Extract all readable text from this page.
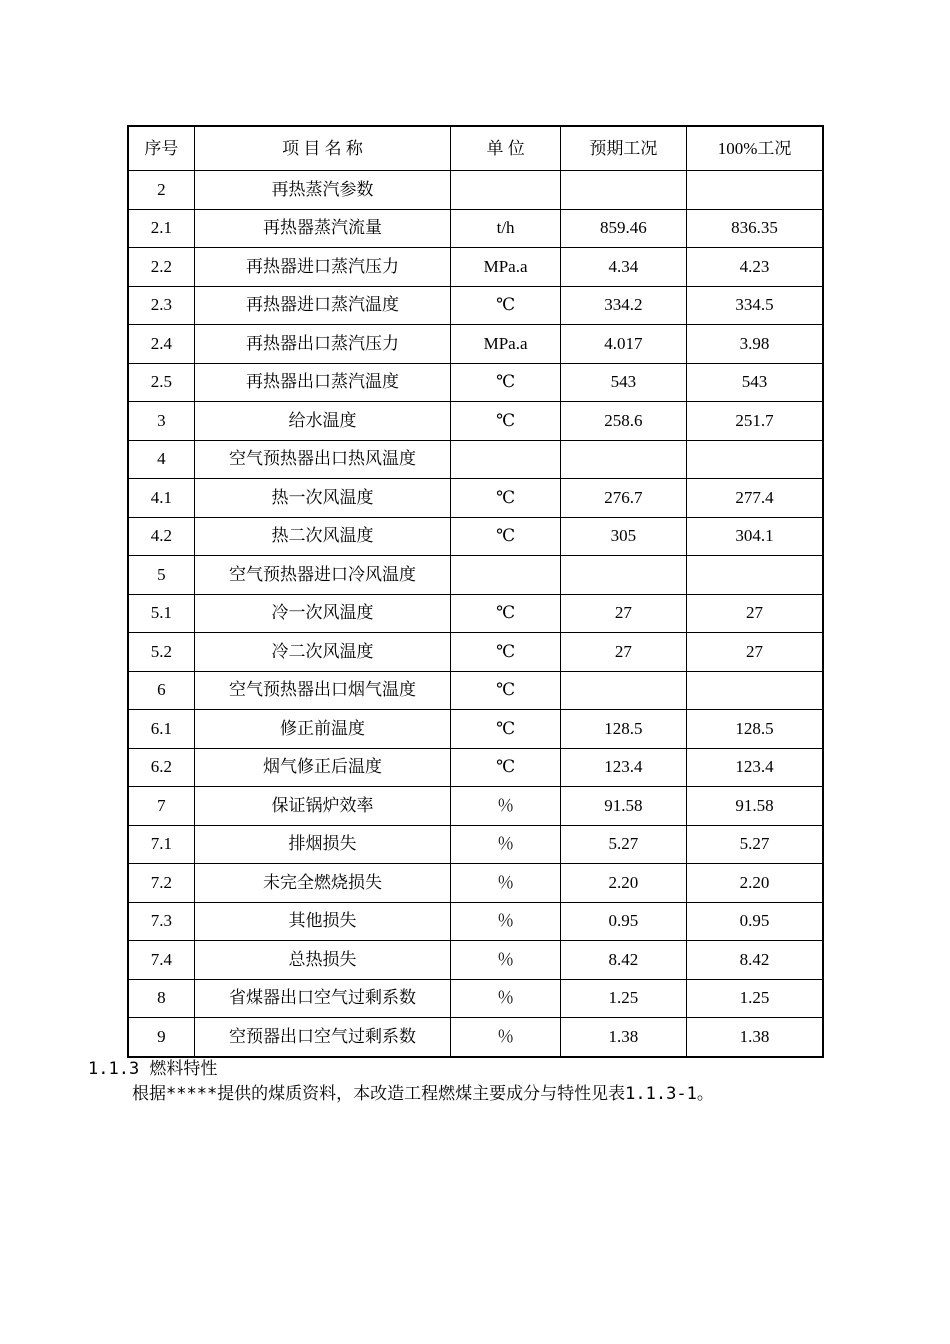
序号	项 目 名 称	单 位	预期工况	100%工况
2	再热蒸汽参数			
2.1	再热器蒸汽流量	t/h	859.46	836.35
2.2	再热器进口蒸汽压力	MPa.a	4.34	4.23
2.3	再热器进口蒸汽温度	℃	334.2	334.5
2.4	再热器出口蒸汽压力	MPa.a	4.017	3.98
2.5	再热器出口蒸汽温度	℃	543	543
3	给水温度	℃	258.6	251.7
4	空气预热器出口热风温度			
4.1	热一次风温度	℃	276.7	277.4
4.2	热二次风温度	℃	305	304.1
5	空气预热器进口冷风温度			
5.1	冷一次风温度	℃	27	27
5.2	冷二次风温度	℃	27	27
6	空气预热器出口烟气温度	℃		
6.1	修正前温度	℃	128.5	128.5
6.2	烟气修正后温度	℃	123.4	123.4
7	保证锅炉效率	％	91.58	91.58
7.1	排烟损失	％	5.27	5.27
7.2	未完全燃烧损失	％	2.20	2.20
7.3	其他损失	％	0.95	0.95
7.4	总热损失	％	8.42	8.42
8	省煤器出口空气过剩系数	％	1.25	1.25
9	空预器出口空气过剩系数	％	1.38	1.38
1.1.3 燃料特性
根据*****提供的煤质资料，本改造工程燃煤主要成分与特性见表1.1.3-1。
